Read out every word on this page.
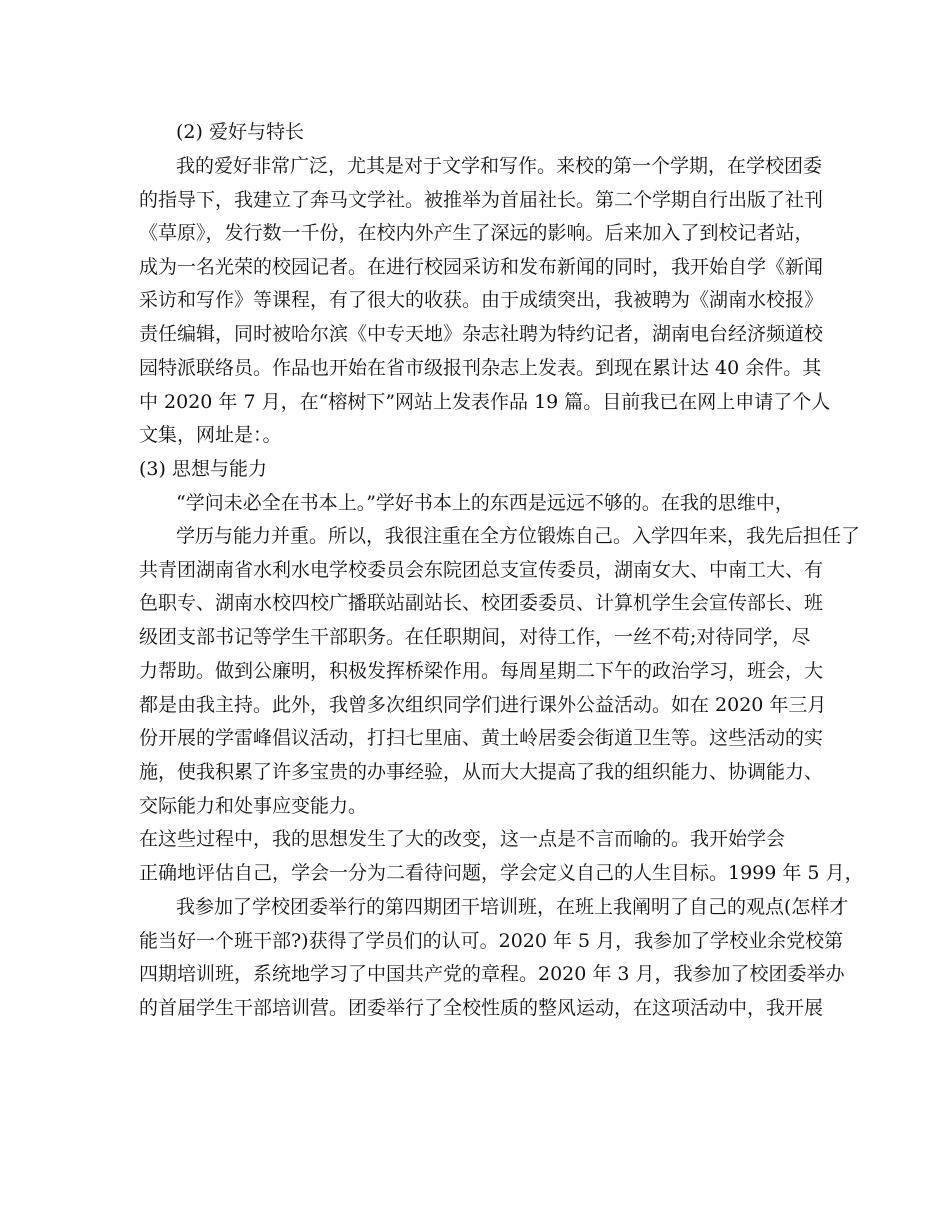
(2) 爱好与特长
我的爱好非常广泛，尤其是对于文学和写作。来校的第一个学期，在学校团委
的指导下，我建立了奔马文学社。被推举为首届社长。第二个学期自行出版了社刊
《草原》，发行数一千份，在校内外产生了深远的影响。后来加入了到校记者站，
成为一名光荣的校园记者。在进行校园采访和发布新闻的同时，我开始自学《新闻
采访和写作》等课程，有了很大的收获。由于成绩突出，我被聘为《湖南水校报》
责任编辑，同时被哈尔滨《中专天地》杂志社聘为特约记者，湖南电台经济频道校
园特派联络员。作品也开始在省市级报刊杂志上发表。到现在累计达 40 余件。其
中 2020 年 7 月，在“榕树下”网站上发表作品 19 篇。目前我已在网上申请了个人
文集，网址是：。
(3) 思想与能力
“学问未必全在书本上。”学好书本上的东西是远远不够的。在我的思维中，
学历与能力并重。所以，我很注重在全方位锻炼自己。入学四年来，我先后担任了
共青团湖南省水利水电学校委员会东院团总支宣传委员，湖南女大、中南工大、有
色职专、湖南水校四校广播联站副站长、校团委委员、计算机学生会宣传部长、班
级团支部书记等学生干部职务。在任职期间，对待工作，一丝不苟;对待同学，尽
力帮助。做到公廉明，积极发挥桥梁作用。每周星期二下午的政治学习，班会，大
都是由我主持。此外，我曾多次组织同学们进行课外公益活动。如在 2020 年三月
份开展的学雷峰倡议活动，打扫七里庙、黄土岭居委会街道卫生等。这些活动的实
施，使我积累了许多宝贵的办事经验，从而大大提高了我的组织能力、协调能力、
交际能力和处事应变能力。
在这些过程中，我的思想发生了大的改变，这一点是不言而喻的。我开始学会
正确地评估自己，学会一分为二看待问题，学会定义自己的人生目标。1999 年 5 月，
我参加了学校团委举行的第四期团干培训班，在班上我阐明了自己的观点(怎样才
能当好一个班干部?)获得了学员们的认可。2020 年 5 月，我参加了学校业余党校第
四期培训班，系统地学习了中国共产党的章程。2020 年 3 月，我参加了校团委举办
的首届学生干部培训营。团委举行了全校性质的整风运动，在这项活动中，我开展
